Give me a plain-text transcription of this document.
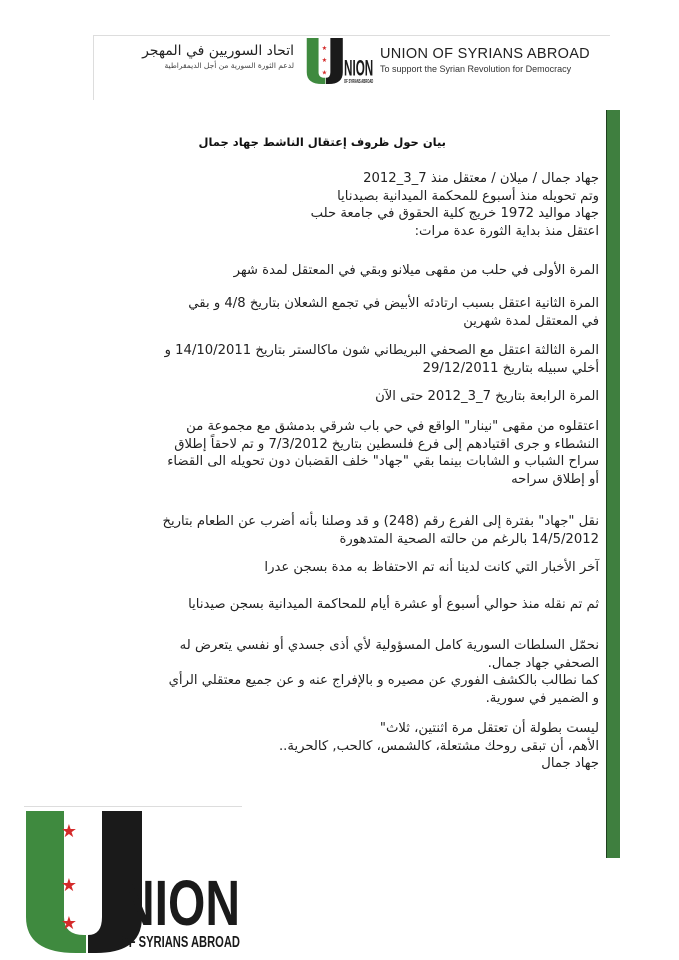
اتحاد السوريين في المهجر
لدعم الثورة السورية من أجل الديمقراطية
★
★
★ NION
OF SYRIANS ABROAD
UNION OF SYRIANS ABROAD
To support the Syrian Revolution for Democracy
بيان حول ظروف إعتقال الناشط جهاد جمال
جهاد جمال / ميلان / معتقل منذ 7_3_2012
وتم تحويله منذ أسبوع للمحكمة الميدانية بصيدنايا
جهاد مواليد 1972 خريج كلية الحقوق في جامعة حلب
اعتقل منذ بداية الثورة عدة مرات:
المرة الأولى في حلب من مقهى ميلانو وبقي في المعتقل لمدة شهر
المرة الثانية اعتقل بسبب ارتادئه الأبيض في تجمع الشعلان بتاريخ 4/8 و بقي
في المعتقل لمدة شهرين
المرة الثالثة اعتقل مع الصحفي البريطاني شون ماكالستر بتاريخ 14/10/2011 و
أخلي سبيله بتاريخ 29/12/2011
المرة الرابعة بتاريخ 7_3_2012 حتى الآن
اعتقلوه من مقهى "نينار" الواقع في حي باب شرقي بدمشق مع مجموعة من
النشطاء و جرى اقتيادهم إلى فرع فلسطين بتاريخ 7/3/2012 و تم لاحقاً إطلاق
سراح الشباب و الشابات بينما بقي "جهاد" خلف القضبان دون تحويله الى القضاء
أو إطلاق سراحه
نقل "جهاد" بفترة إلى الفرع رقم (248) و قد وصلنا بأنه أضرب عن الطعام بتاريخ
14/5/2012 بالرغم من حالته الصحية المتدهورة
آخر الأخبار التي كانت لدينا أنه تم الاحتفاظ به مدة بسجن عدرا
ثم تم نقله منذ حوالي أسبوع أو عشرة أيام للمحاكمة الميدانية بسجن صيدنايا
نحمّل السلطات السورية كامل المسؤولية لأي أذى جسدي أو نفسي يتعرض له
الصحفي جهاد جمال.
كما نطالب بالكشف الفوري عن مصيره و بالإفراج عنه و عن جميع معتقلي الرأي
و الضمير في سورية.
ليست بطولة أن تعتقل مرة اثنتين، ثلاث"
الأهم، أن تبقى روحك مشتعلة، كالشمس، كالحب, كالحرية..
جهاد جمال
★
★
★ NION
OF SYRIANS ABROAD
